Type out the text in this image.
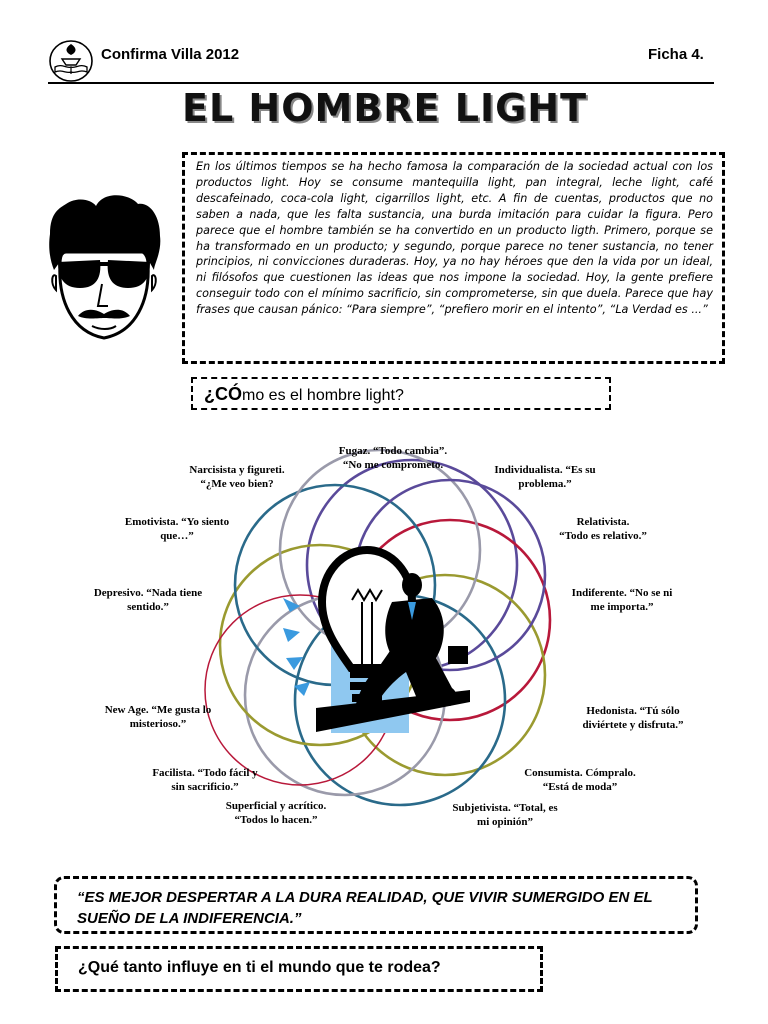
Confirma Villa 2012	Ficha 4.
EL HOMBRE LIGHT

En los últimos tiempos se ha hecho famosa la comparación de la sociedad actual con los productos light. Hoy se consume mantequilla light, pan integral, leche light, café descafeinado, coca-cola light, cigarrillos light, etc. A fin de cuentas, productos que no saben a nada, que les falta sustancia, una burda imitación para cuidar la figura. Pero parece que el hombre también se ha convertido en un producto ligth. Primero, porque se ha transformado en un producto; y segundo, porque parece no tener sustancia, no tener principios, ni convicciones duraderas. Hoy, ya no hay héroes que den la vida por un ideal, ni filósofos que cuestionen las ideas que nos impone la sociedad. Hoy, la gente prefiere conseguir todo con el mínimo sacrificio, sin comprometerse, sin que duela. Parece que hay frases que causan pánico: “Para siempre”, “prefiero morir en el intento”, “La Verdad es ...”

¿CÓmo es el hombre light?
Fugaz. “Todo cambia”.
“No me comprometo.	Individualista. “Es su
problema.”
Relativista.
“Todo es relativo.”
Indiferente. “No se ni
me importa.”
Hedonista. “Tú sólo
diviértete y disfruta.”
Consumista. Cómpralo.
“Está de moda”
Subjetivista. “Total, es
mi opinión”
Superficial y acrítico.
“Todos lo hacen.”
Facilista. “Todo fácil y
sin sacrificio.”
New Age. “Me gusta lo
misterioso.”
Depresivo. “Nada tiene
sentido.”
Emotivista. “Yo siento
que…”
Narcisista y figureti.
“¿Me veo bien?
“ES MEJOR DESPERTAR A LA DURA REALIDAD, QUE VIVIR SUMERGIDO EN EL SUEÑO DE LA INDIFERENCIA.”
¿Qué tanto influye en ti el mundo que te rodea?
